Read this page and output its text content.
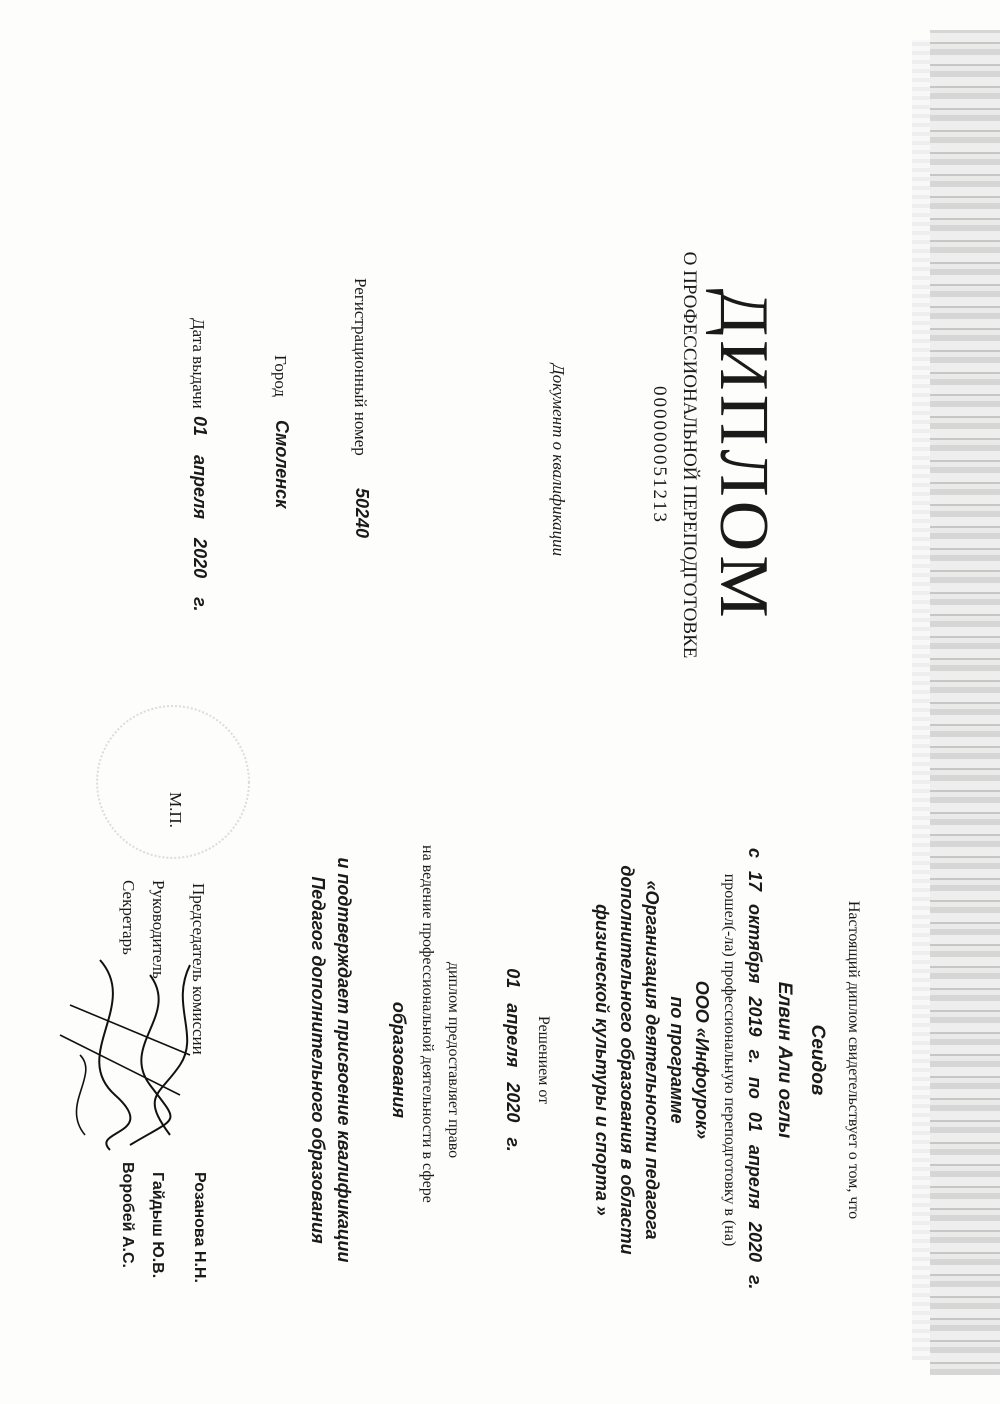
ДИПЛОМ
О ПРОФЕССИОНАЛЬНОЙ ПЕРЕПОДГОТОВКЕ
000000051213
Документ о квалификации
Регистрационный номер
50240
Город
Смоленск
Дата выдачи
01 апреля 2020 г.
Настоящий диплом свидетельствует о том, что
Сеидов
Елвин Али оглы
с 17 октября 2019 г. по 01 апреля 2020 г.
прошел(-ла) профессиональную переподготовку в (на)
ООО «Инфоурок»
по программе
«Организация деятельности педагога
дополнительного образования в области
физической культуры и спорта »
Решением от
01 апреля 2020 г.
диплом предоставляет право
на ведение профессиональной деятельности в сфере
образования
и подтверждает присвоение квалификации
Педагог дополнительного образования
М.П.
Председатель комиссии
Розанова Н.Н.
Руководитель
Гайдыш Ю.В.
Секретарь
Воробей А.С.
